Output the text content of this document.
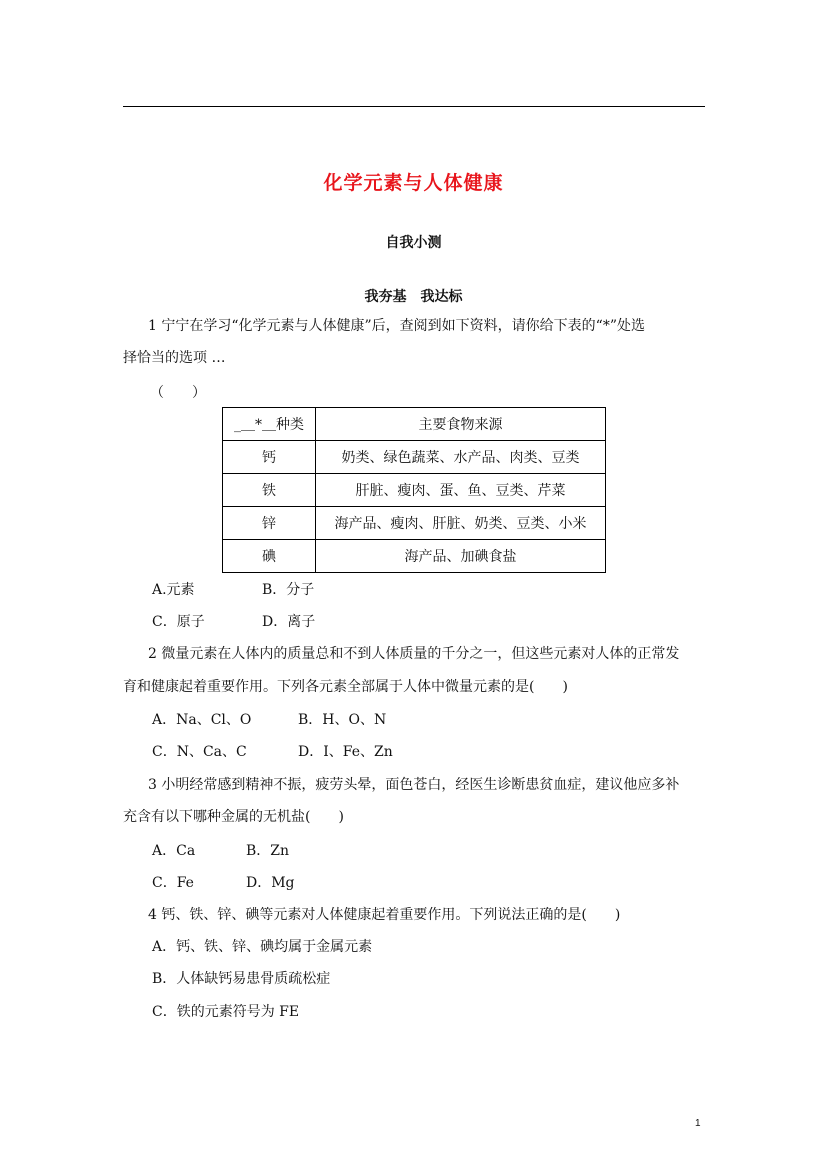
化学元素与人体健康
自我小测
我夯基　我达标
1 宁宁在学习“化学元素与人体健康”后，查阅到如下资料，请你给下表的“*”处选
择恰当的选项 …
（　　）
_＿*＿种类	主要食物来源
钙	奶类、绿色蔬菜、水产品、肉类、豆类
铁	肝脏、瘦肉、蛋、鱼、豆类、芹菜
锌	海产品、瘦肉、肝脏、奶类、豆类、小米
碘	海产品、加碘食盐
A.元素	B．分子
C．原子	D．离子
2 微量元素在人体内的质量总和不到人体质量的千分之一，但这些元素对人体的正常发
育和健康起着重要作用。下列各元素全部属于人体中微量元素的是(　　)
A．Na、Cl、O	B．H、O、N
C．N、Ca、C	D．I、Fe、Zn
3 小明经常感到精神不振，疲劳头晕，面色苍白，经医生诊断患贫血症，建议他应多补
充含有以下哪种金属的无机盐(　　)
A．Ca	B．Zn
C．Fe	D．Mg
4 钙、铁、锌、碘等元素对人体健康起着重要作用。下列说法正确的是(　　)
A．钙、铁、锌、碘均属于金属元素
B．人体缺钙易患骨质疏松症
C．铁的元素符号为 FE
1
